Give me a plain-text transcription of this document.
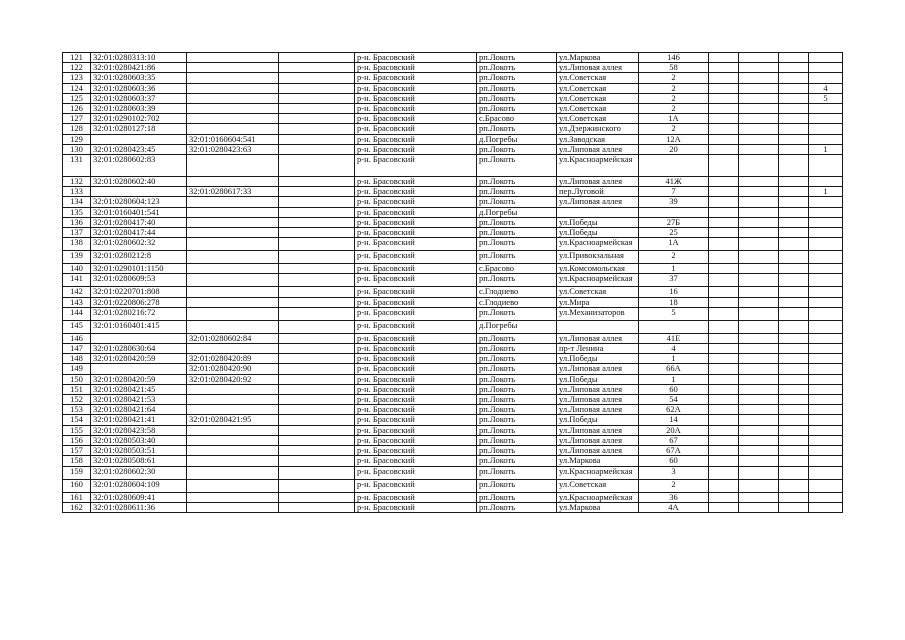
121	32:01:0280313:10			р-н. Брасовский	рп.Локоть	ул.Маркова	146				
122	32:01:0280421:86			р-н. Брасовский	рп.Локоть	ул.Липовая аллея	58				
123	32:01:0280603:35			р-н. Брасовский	рп.Локоть	ул.Советская	2				
124	32:01:0280603:36			р-н. Брасовский	рп.Локоть	ул.Советская	2				4
125	32:01:0280603:37			р-н. Брасовский	рп.Локоть	ул.Советская	2				5
126	32:01:0280603:39			р-н. Брасовский	рп.Локоть	ул.Советская	2				
127	32:01:0290102:702			р-н. Брасовский	с.Брасово	ул.Советская	1А				
128	32:01:0280127:18			р-н. Брасовский	рп.Локоть	ул.Дзержинского	2				
129		32:01:0160604:541		р-н. Брасовский	д.Погребы	ул.Заводская	12А				
130	32:01:0280423:45	32:01:0280423:63		р-н. Брасовский	рп.Локоть	ул.Липовая аллея	20				1
131	32:01:0280602:83			р-н. Брасовский	рп.Локоть	ул.Красноармейская					
132	32:01:0280602:40			р-н. Брасовский	рп.Локоть	ул.Липовая аллея	41Ж				
133		32:01:0280617:33		р-н. Брасовский	рп.Локоть	пер.Луговой	7				1
134	32:01:0280604:123			р-н. Брасовский	рп.Локоть	ул.Липовая аллея	39				
135	32:01:0160401:541			р-н. Брасовский	д.Погребы						
136	32:01:0280417:40			р-н. Брасовский	рп.Локоть	ул.Победы	27Б				
137	32:01:0280417:44			р-н. Брасовский	рп.Локоть	ул.Победы	25				
138	32:01:0280602:32			р-н. Брасовский	рп.Локоть	ул.Красноармейская	1А				
139	32:01:0280212:8			р-н. Брасовский	рп.Локоть	ул.Привокзальная	2				
140	32:01:0290101:1150			р-н. Брасовский	с.Брасово	ул.Комсомольская	1				
141	32:01:0280609:53			р-н. Брасовский	рп.Локоть	ул.Красноармейская	37				
142	32:01:0220701:808			р-н. Брасовский	с.Глоднево	ул.Советская	16				
143	32:01:0220806:278			р-н. Брасовский	с.Глодиево	ул.Мира	18				
144	32:01:0280216:72			р-н. Брасовский	рп.Локоть	ул.Механизаторов	5				
145	32:01:0160401:415			р-н. Брасовский	д.Погребы						
146		32:01:0280602:84		р-н. Брасовский	рп.Локоть	ул.Липовая аллея	41Е				
147	32:01:0280630:64			р-н. Брасовский	рп.Локоть	пр-т Ленина	4				
148	32:01:0280420:59	32:01:0280420:89		р-н. Брасовский	рп.Локоть	ул.Победы	1				
149		32:01:0280420:90		р-н. Брасовский	рп.Локоть	ул.Липовая аллея	66А				
150	32:01:0280420:59	32:01:0280420:92		р-н. Брасовский	рп.Локоть	ул.Победы	1				
151	32:01:0280421:45			р-н. Брасовский	рп.Локоть	ул.Липовая аллея	60				
152	32:01:0280421:53			р-н. Брасовский	рп.Локоть	ул.Липовая аллея	54				
153	32:01:0280421:64			р-н. Брасовский	рп.Локоть	ул.Липовая аллея	62А				
154	32:01:0280421:41	32:01:0280421:95		р-н. Брасовский	рп.Локоть	ул.Победы	14				
155	32:01:0280423:58			р-н. Брасовский	рп.Локоть	ул.Липовая аллея	20А				
156	32:01:0280503:40			р-н. Брасовский	рп.Локоть	ул.Липовая аллея	67				
157	32:01:0280503:51			р-н. Брасовский	рп.Локоть	ул.Липовая аллея	67А				
158	32:01:0280508:61			р-н. Брасовский	рп.Локоть	ул.Маркова	60				
159	32:01:0280602:30			р-н. Брасовский	рп.Локоть	ул.Красноармейская	3				
160	32:01:0280604:109			р-н. Брасовский	рп.Локоть	ул.Советская	2				
161	32:01:0280609:41			р-н. Брасовский	рп.Локоть	ул.Красноармейская	36				
162	32:01:0280611:36			р-н. Брасовский	рп.Локоть	ул.Маркова	4А				
